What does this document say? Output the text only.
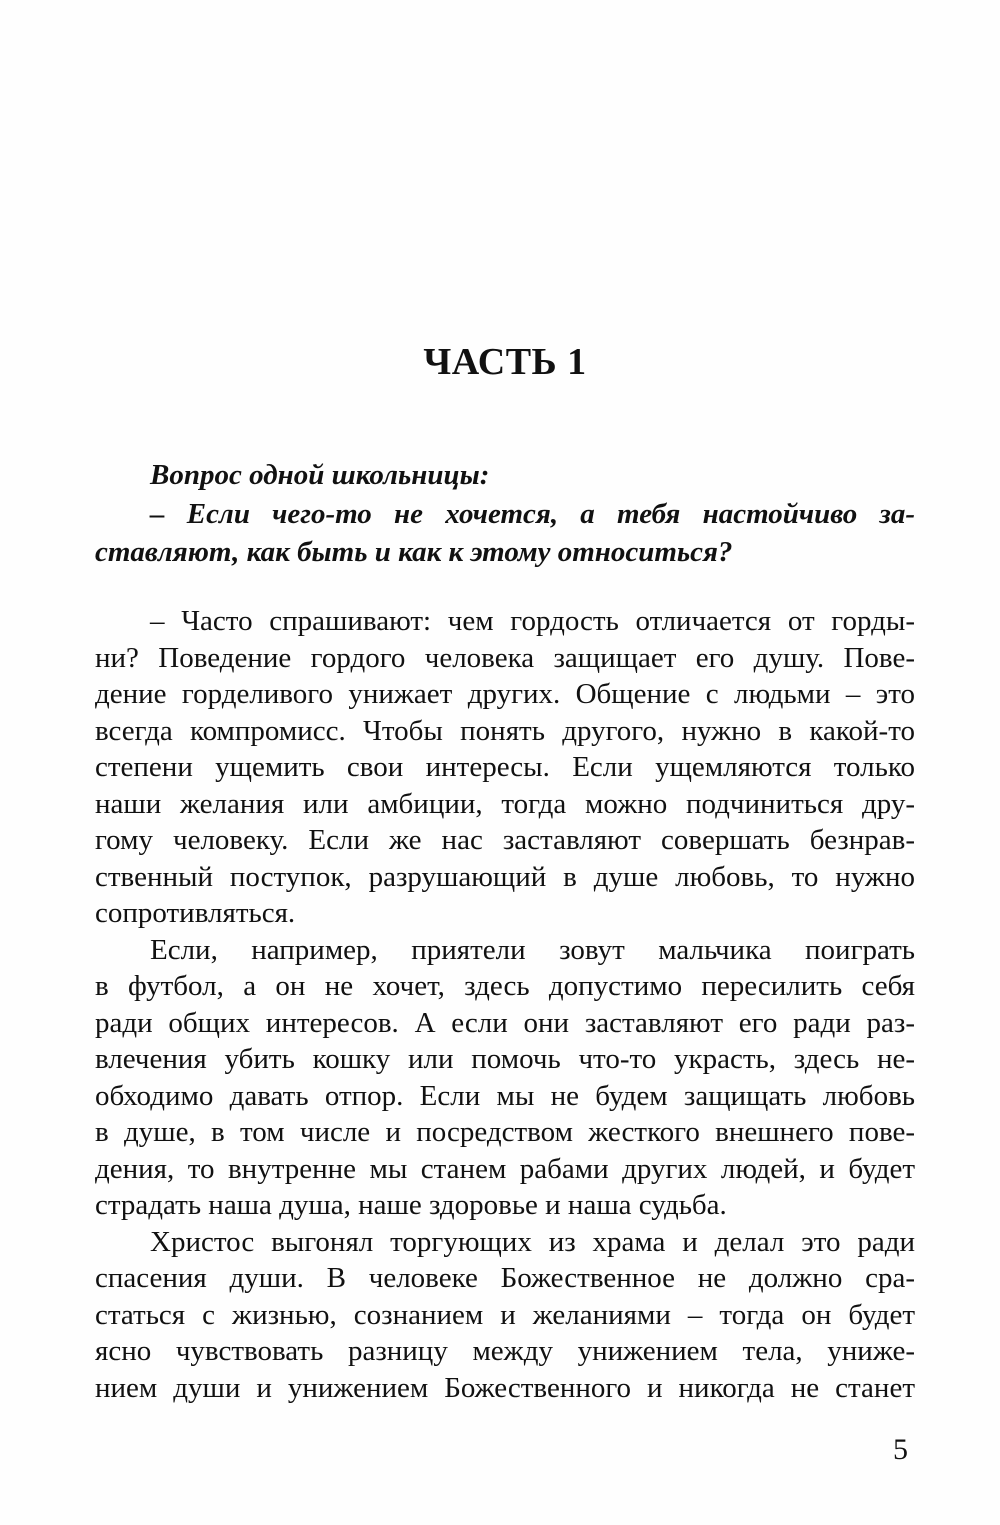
ЧАСТЬ 1
Вопрос одной школьницы:
– Если чего-то не хочется, а тебя настойчиво за-
ставляют, как быть и как к этому относиться?
– Часто спрашивают: чем гордость отличается от горды-
ни? Поведение гордого человека защищает его душу. Пове-
дение горделивого унижает других. Общение с людьми – это
всегда компромисс. Чтобы понять другого, нужно в какой-то
степени ущемить свои интересы. Если ущемляются только
наши желания или амбиции, тогда можно подчиниться дру-
гому человеку. Если же нас заставляют совершать безнрав-
ственный поступок, разрушающий в душе любовь, то нужно
сопротивляться.
Если, например, приятели зовут мальчика поиграть
в футбол, а он не хочет, здесь допустимо пересилить себя
ради общих интересов. А если они заставляют его ради раз-
влечения убить кошку или помочь что-то украсть, здесь не-
обходимо давать отпор. Если мы не будем защищать любовь
в душе, в том числе и посредством жесткого внешнего пове-
дения, то внутренне мы станем рабами других людей, и будет
страдать наша душа, наше здоровье и наша судьба.
Христос выгонял торгующих из храма и делал это ради
спасения души. В человеке Божественное не должно сра-
статься с жизнью, сознанием и желаниями – тогда он будет
ясно чувствовать разницу между унижением тела, униже-
нием души и унижением Божественного и никогда не станет
5
